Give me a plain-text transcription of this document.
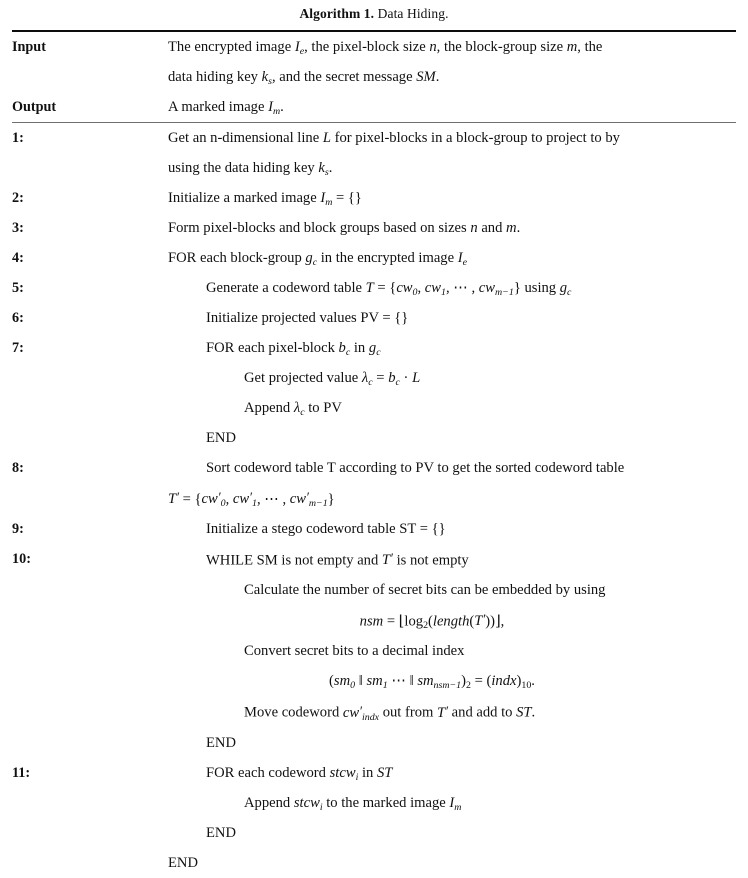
Algorithm 1. Data Hiding.
Input	The encrypted image $I_e$, the pixel-block size n, the block-group size m, the
data hiding key $k_s$, and the secret message SM.

Output	A marked image $I_m$.
1:	Get an n-dimensional line L for pixel-blocks in a block-group to project to by
using the data hiding key $k_s$.

2:	Initialize a marked image $I_m$ = {}

3:	Form pixel-blocks and block groups based on sizes n and m.

4:	FOR each block-group $g_c$ in the encrypted image $I_e$

5:	Generate a codeword table $T = \{cw_0$, $cw_1$, ⋯ , $cw_{m-1}$} using $g_c$

6:	Initialize projected values PV = {}

7:	FOR each pixel-block $b_c$ in $g_c$
Get projected value $\lambda_c = b_c \cdot L$
Append $\lambda_c$ to PV
END

8:	Sort codeword table T according to PV to get the sorted codeword table
$T' = \{cw'_0$, $cw'_1$, ⋯ , $cw'_{m-1}$}

9:	Initialize a stego codeword table ST = {}

10:	WHILE SM is not empty and T′ is not empty
Calculate the number of secret bits can be embedded by using
nsm = $⌊\log_2(length(T'))⌋$,
Convert secret bits to a decimal index
($sm_0$ ‖ $sm_1$ ⋯ ‖ $sm_{nsm-1})_2$ = $(indx)_{10}$.
Move codeword $cw'_{indx}$ out from T′ and add to ST.
END

11:	FOR each codeword stcw$_i$ in ST
Append stcw$_i$ to the marked image $I_m$
END
END
